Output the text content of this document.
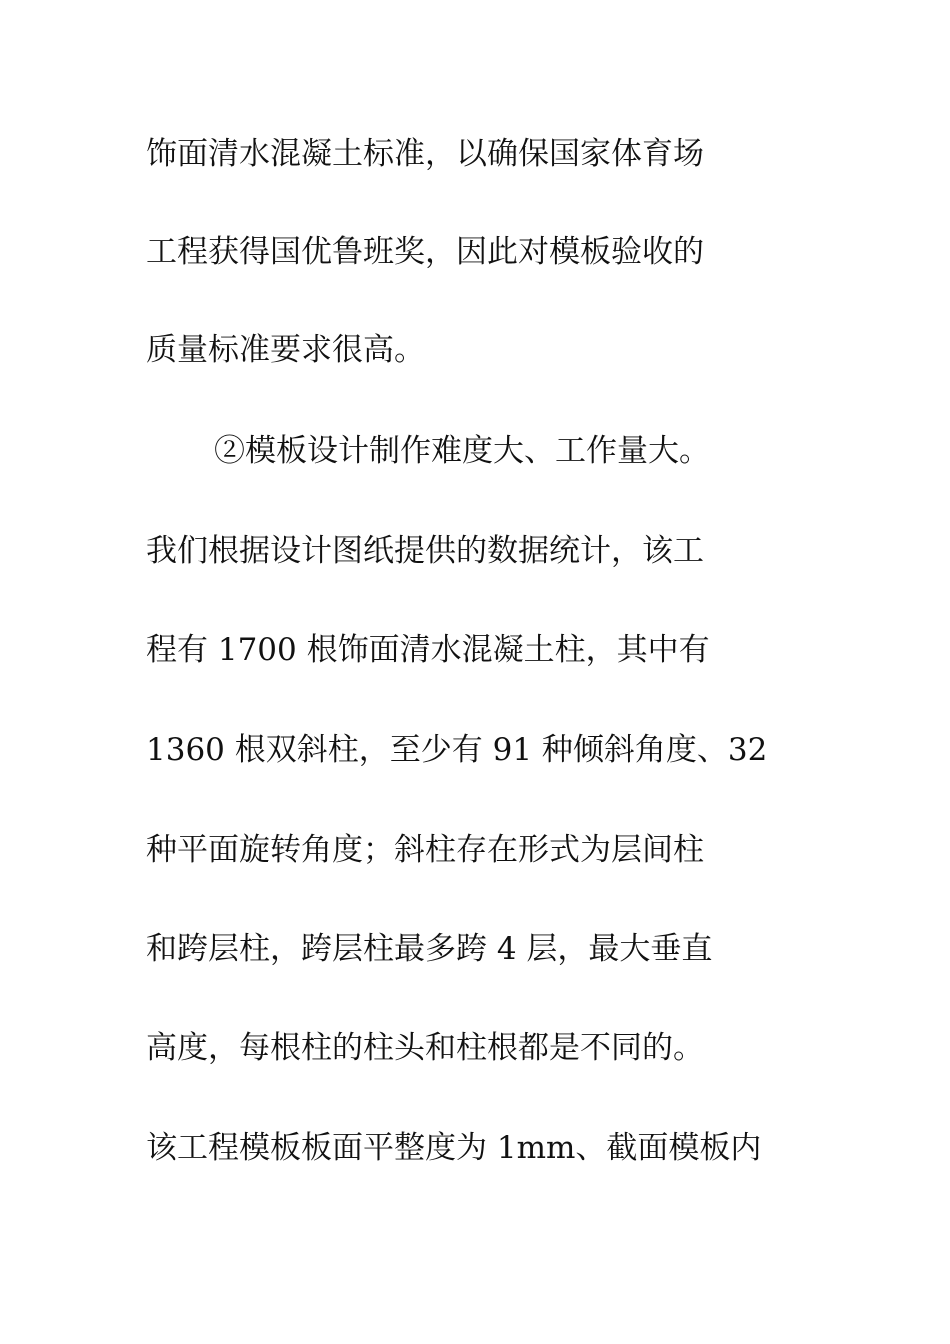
饰面清水混凝土标准，以确保国家体育场
工程获得国优鲁班奖，因此对模板验收的
质量标准要求很高。
②模板设计制作难度大、工作量大。
我们根据设计图纸提供的数据统计，该工
程有 1700 根饰面清水混凝土柱，其中有
1360 根双斜柱，至少有 91 种倾斜角度、32
种平面旋转角度；斜柱存在形式为层间柱
和跨层柱，跨层柱最多跨 4 层，最大垂直
高度，每根柱的柱头和柱根都是不同的。
该工程模板板面平整度为 1mm、截面模板内
